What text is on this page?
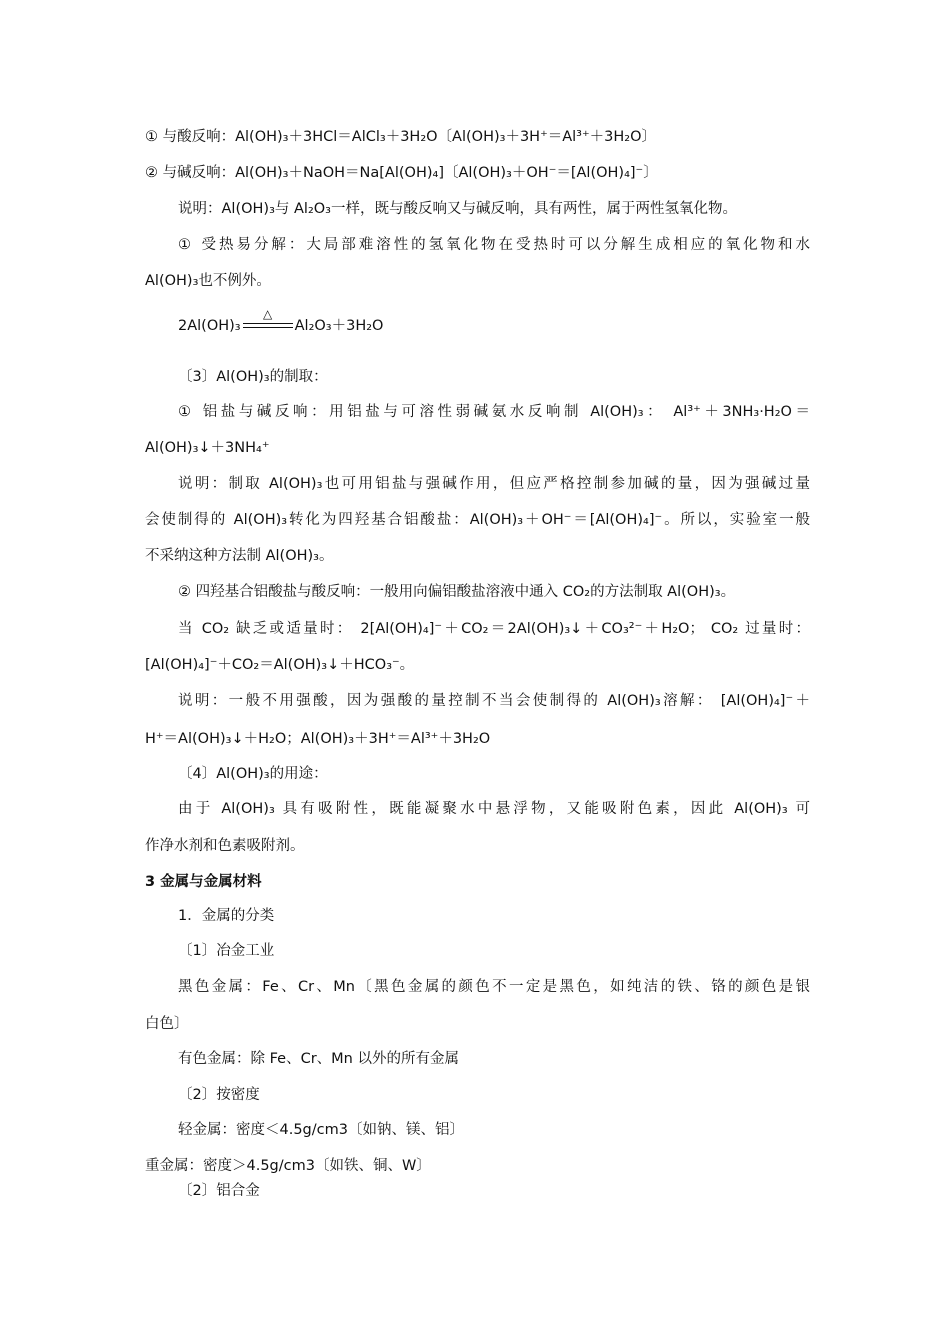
① 与酸反响：Al(OH)₃＋3HCl＝AlCl₃＋3H₂O〔Al(OH)₃＋3H⁺＝Al³⁺＋3H₂O〕
② 与碱反响：Al(OH)₃＋NaOH＝Na[Al(OH)₄]〔Al(OH)₃＋OH⁻＝[Al(OH)₄]⁻〕
说明：Al(OH)₃与 Al₂O₃一样，既与酸反响又与碱反响，具有两性，属于两性氢氧化物。
① 受热易分解：大局部难溶性的氢氧化物在受热时可以分解生成相应的氧化物和水
Al(OH)₃也不例外。
2Al(OH)₃
△
Al₂O₃＋3H₂O
〔3〕Al(OH)₃的制取：
① 铝盐与碱反响：用铝盐与可溶性弱碱氨水反响制 Al(OH)₃： Al³⁺＋3NH₃·H₂O＝
Al(OH)₃↓＋3NH₄⁺
说明：制取 Al(OH)₃也可用铝盐与强碱作用，但应严格控制参加碱的量，因为强碱过量
会使制得的 Al(OH)₃转化为四羟基合铝酸盐：Al(OH)₃＋OH⁻＝[Al(OH)₄]⁻。所以，实验室一般
不采纳这种方法制 Al(OH)₃。
② 四羟基合铝酸盐与酸反响：一般用向偏铝酸盐溶液中通入 CO₂的方法制取 Al(OH)₃。
当 CO₂ 缺乏或适量时： 2[Al(OH)₄]⁻＋CO₂＝2Al(OH)₃↓＋CO₃²⁻＋H₂O； CO₂ 过量时：
[Al(OH)₄]⁻＋CO₂＝Al(OH)₃↓＋HCO₃⁻。
说明：一般不用强酸，因为强酸的量控制不当会使制得的 Al(OH)₃溶解： [Al(OH)₄]⁻＋
H⁺＝Al(OH)₃↓＋H₂O；Al(OH)₃＋3H⁺＝Al³⁺＋3H₂O
〔4〕Al(OH)₃的用途：
由于 Al(OH)₃ 具有吸附性，既能凝聚水中悬浮物，又能吸附色素，因此 Al(OH)₃ 可
作净水剂和色素吸附剂。
3 金属与金属材料
1．金属的分类
〔1〕冶金工业
黑色金属：Fe、Cr、Mn〔黑色金属的颜色不一定是黑色，如纯洁的铁、铬的颜色是银
白色〕
有色金属：除 Fe、Cr、Mn 以外的所有金属
〔2〕按密度
轻金属：密度＜4.5g/cm3〔如钠、镁、铝〕
重金属：密度＞4.5g/cm3〔如铁、铜、W〕
〔2〕铝合金
